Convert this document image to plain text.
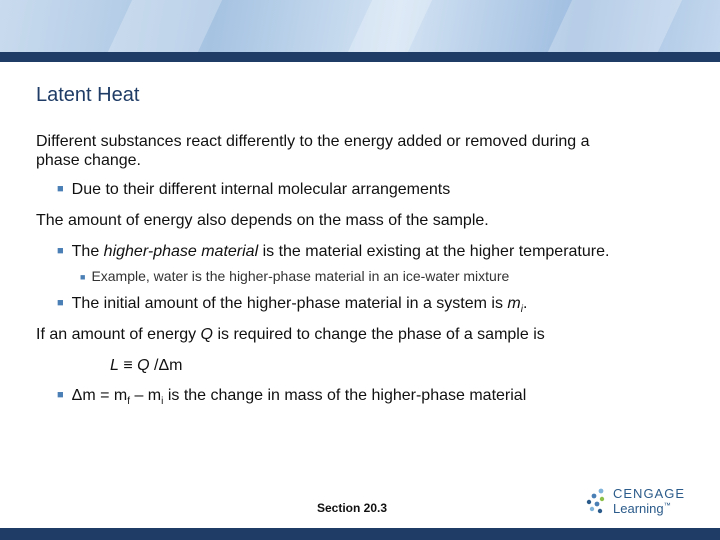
Latent Heat
Different substances react differently to the energy added or removed during a
phase change.
■ Due to their different internal molecular arrangements
The amount of energy also depends on the mass of the sample.
■ The higher-phase material is the material existing at the higher temperature.
■ Example, water is the higher-phase material in an ice-water mixture
■ The initial amount of the higher-phase material in a system is $m_i$.
If an amount of energy Q is required to change the phase of a sample is
L ≡ Q /Δm
■ $\Delta m = m_f - m_i$ is the change in mass of the higher-phase material
Section 20.3
CENGAGE
Learning™
